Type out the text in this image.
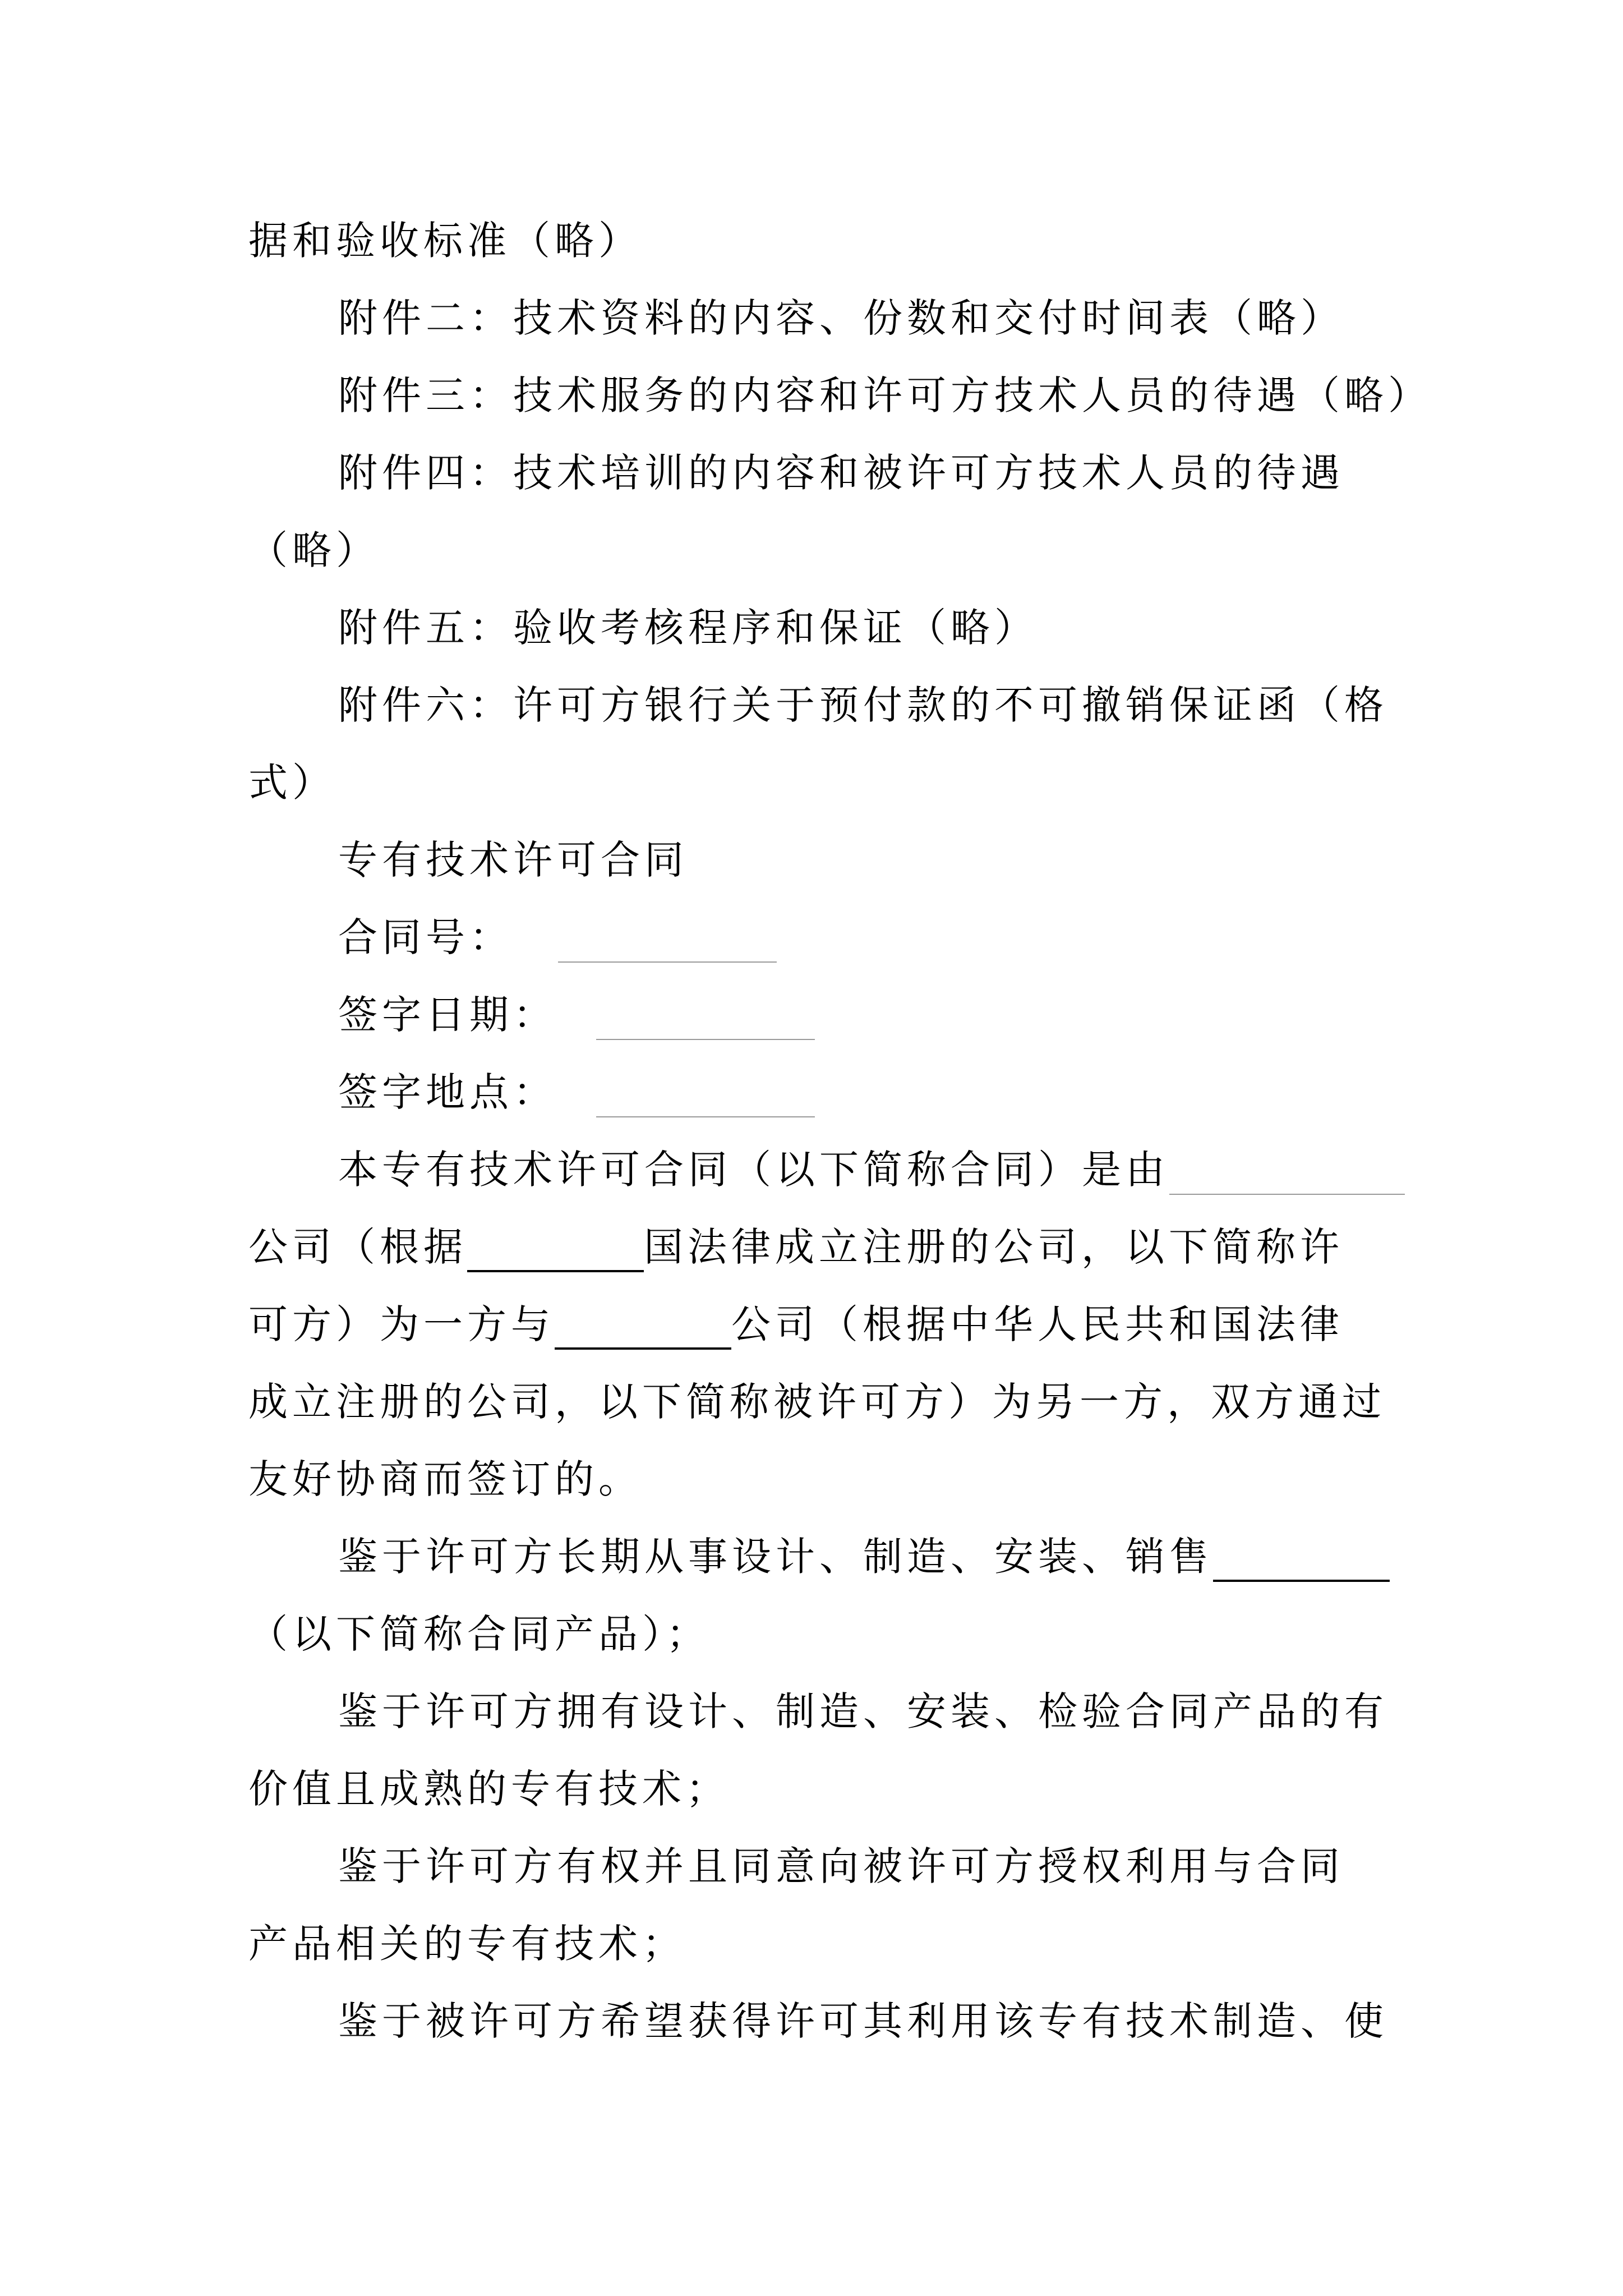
据和验收标准（略）
附件二：技术资料的内容、份数和交付时间表（略）
附件三：技术服务的内容和许可方技术人员的待遇（略）
附件四：技术培训的内容和被许可方技术人员的待遇
（略）
附件五：验收考核程序和保证（略）
附件六：许可方银行关于预付款的不可撤销保证函（格
式）
专有技术许可合同
合同号：
签字日期：
签字地点：
本专有技术许可合同（以下简称合同）是由
公司（根据	国法律成立注册的公司，以下简称许
可方）为一方与	公司（根据中华人民共和国法律
成立注册的公司，以下简称被许可方）为另一方，双方通过
友好协商而签订的。
鉴于许可方长期从事设计、制造、安装、销售
（以下简称合同产品）；
鉴于许可方拥有设计、制造、安装、检验合同产品的有
价值且成熟的专有技术；
鉴于许可方有权并且同意向被许可方授权利用与合同
产品相关的专有技术；
鉴于被许可方希望获得许可其利用该专有技术制造、使
